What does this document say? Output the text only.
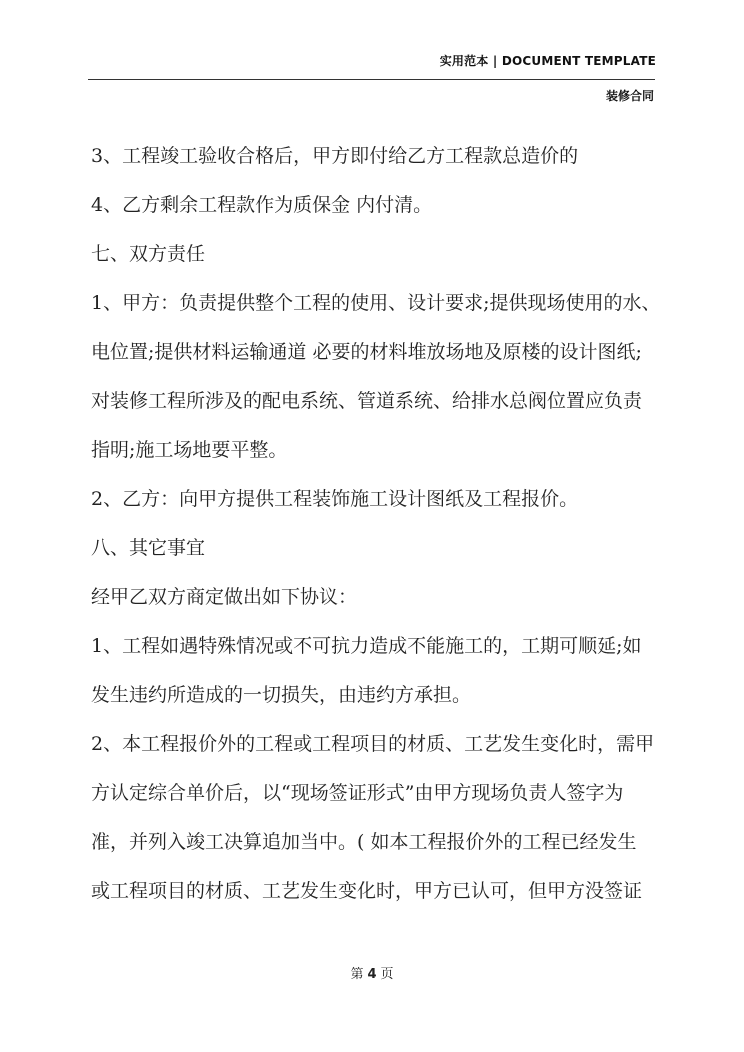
实用范本 | DOCUMENT TEMPLATE
装修合同

3、工程竣工验收合格后，甲方即付给乙方工程款总造价的

4、乙方剩余工程款作为质保金 内付清。

七、双方责任

1、甲方：负责提供整个工程的使用、设计要求;提供现场使用的水、

电位置;提供材料运输通道 必要的材料堆放场地及原楼的设计图纸;

对装修工程所涉及的配电系统、管道系统、给排水总阀位置应负责

指明;施工场地要平整。

2、乙方：向甲方提供工程装饰施工设计图纸及工程报价。

八、其它事宜

经甲乙双方商定做出如下协议：

1、工程如遇特殊情况或不可抗力造成不能施工的，工期可顺延;如

发生违约所造成的一切损失，由违约方承担。

2、本工程报价外的工程或工程项目的材质、工艺发生变化时，需甲

方认定综合单价后，以“现场签证形式”由甲方现场负责人签字为

准，并列入竣工决算追加当中。( 如本工程报价外的工程已经发生

或工程项目的材质、工艺发生变化时，甲方已认可，但甲方没签证

第 4 页
